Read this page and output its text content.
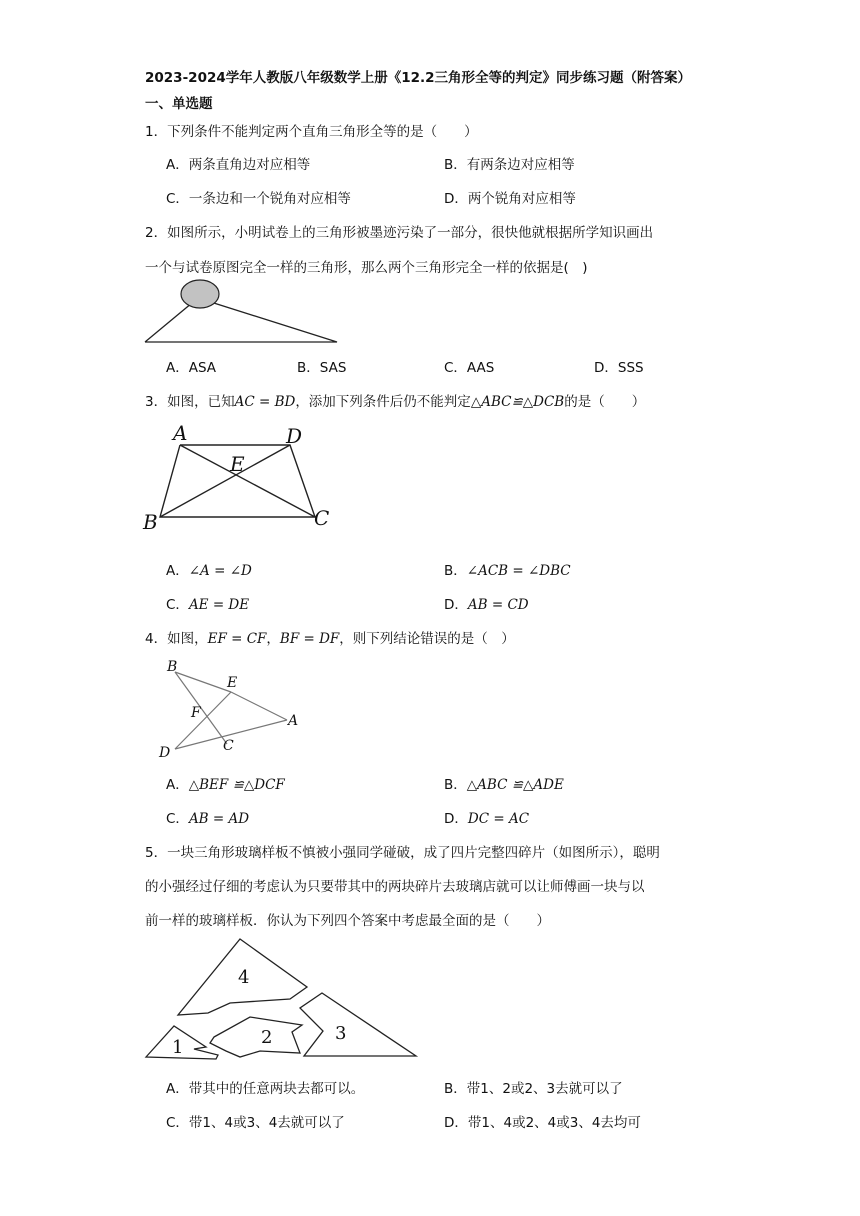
2023-2024学年人教版八年级数学上册《12.2三角形全等的判定》同步练习题（附答案）
一、单选题
1．下列条件不能判定两个直角三角形全等的是（　　）
A．两条直角边对应相等	B．有两条边对应相等
C．一条边和一个锐角对应相等	D．两个锐角对应相等
2．如图所示，小明试卷上的三角形被墨迹污染了一部分，很快他就根据所学知识画出
一个与试卷原图完全一样的三角形，那么两个三角形完全一样的依据是(　)
A．ASA	B．SAS	C．AAS	D．SSS
3．如图，已知AC = BD，添加下列条件后仍不能判定△ABC≌△DCB的是（　　）
A	D
E
B	C
A．∠A = ∠D	B．∠ACB = ∠DBC
C．AE = DE	D．AB = CD
4．如图，EF = CF，BF = DF，则下列结论错误的是（　）
B
E
F	A
D	C
A．△BEF ≌△DCF	B．△ABC ≌△ADE
C．AB = AD	D．DC = AC
5．一块三角形玻璃样板不慎被小强同学碰破，成了四片完整四碎片（如图所示），聪明
的小强经过仔细的考虑认为只要带其中的两块碎片去玻璃店就可以让师傅画一块与以
前一样的玻璃样板．你认为下列四个答案中考虑最全面的是（　　）
4
1	2	3
A．带其中的任意两块去都可以。	B．带1、2或2、3去就可以了
C．带1、4或3、4去就可以了	D．带1、4或2、4或3、4去均可
